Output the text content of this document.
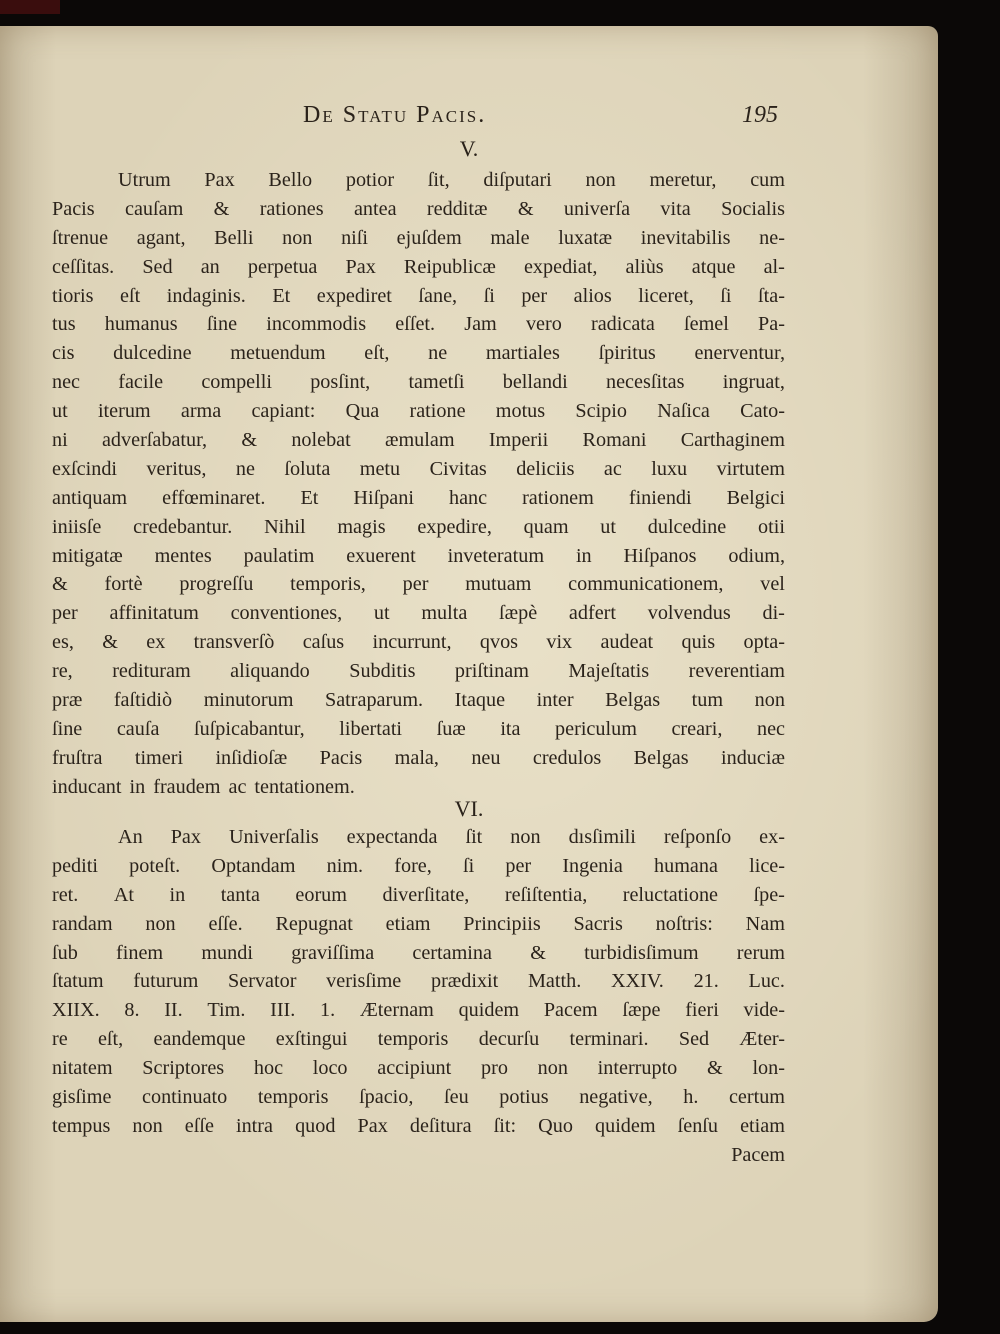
De Statu Pacis.	195
V.
Utrum Pax Bello potior ſit, diſputari non meretur, cum
Pacis cauſam & rationes antea redditæ & univerſa vita Socialis
ſtrenue agant, Belli non niſi ejuſdem male luxatæ inevitabilis ne-
ceſſitas. Sed an perpetua Pax Reipublicæ expediat, aliùs atque al-
tioris eſt indaginis. Et expediret ſane, ſi per alios liceret, ſi ſta-
tus humanus ſine incommodis eſſet. Jam vero radicata ſemel Pa-
cis dulcedine metuendum eſt, ne martiales ſpiritus enerventur,
nec facile compelli posſint, tametſi bellandi necesſitas ingruat,
ut iterum arma capiant: Qua ratione motus Scipio Naſica Cato-
ni adverſabatur, & nolebat æmulam Imperii Romani Carthaginem
exſcindi veritus, ne ſoluta metu Civitas deliciis ac luxu virtutem
antiquam effœminaret. Et Hiſpani hanc rationem finiendi Belgici
iniisſe credebantur. Nihil magis expedire, quam ut dulcedine otii
mitigatæ mentes paulatim exuerent inveteratum in Hiſpanos odium,
& fortè progreſſu temporis, per mutuam communicationem, vel
per affinitatum conventiones, ut multa ſæpè adfert volvendus di-
es, & ex transverſò caſus incurrunt, qvos vix audeat quis opta-
re, redituram aliquando Subditis priſtinam Majeſtatis reverentiam
præ faſtidiò minutorum Satraparum. Itaque inter Belgas tum non
ſine cauſa ſuſpicabantur, libertati ſuæ ita periculum creari, nec
fruſtra timeri inſidioſæ Pacis mala, neu credulos Belgas induciæ
inducant in fraudem ac tentationem.
VI.
An Pax Univerſalis expectanda ſit non dısſimili reſponſo ex-
pediti poteſt. Optandam nim. fore, ſi per Ingenia humana lice-
ret. At in tanta eorum diverſitate, reſiſtentia, reluctatione ſpe-
randam non eſſe. Repugnat etiam Principiis Sacris noſtris: Nam
ſub finem mundi graviſſima certamina & turbidisſimum rerum
ſtatum futurum Servator verisſime prædixit Matth. XXIV. 21. Luc.
XIIX. 8. II. Tim. III. 1. Æternam quidem Pacem ſæpe fieri vide-
re eſt, eandemque exſtingui temporis decurſu terminari. Sed Æter-
nitatem Scriptores hoc loco accipiunt pro non interrupto & lon-
gisſime continuato temporis ſpacio, ſeu potius negative, h. certum
tempus non eſſe intra quod Pax deſitura ſit: Quo quidem ſenſu etiam
Pacem
